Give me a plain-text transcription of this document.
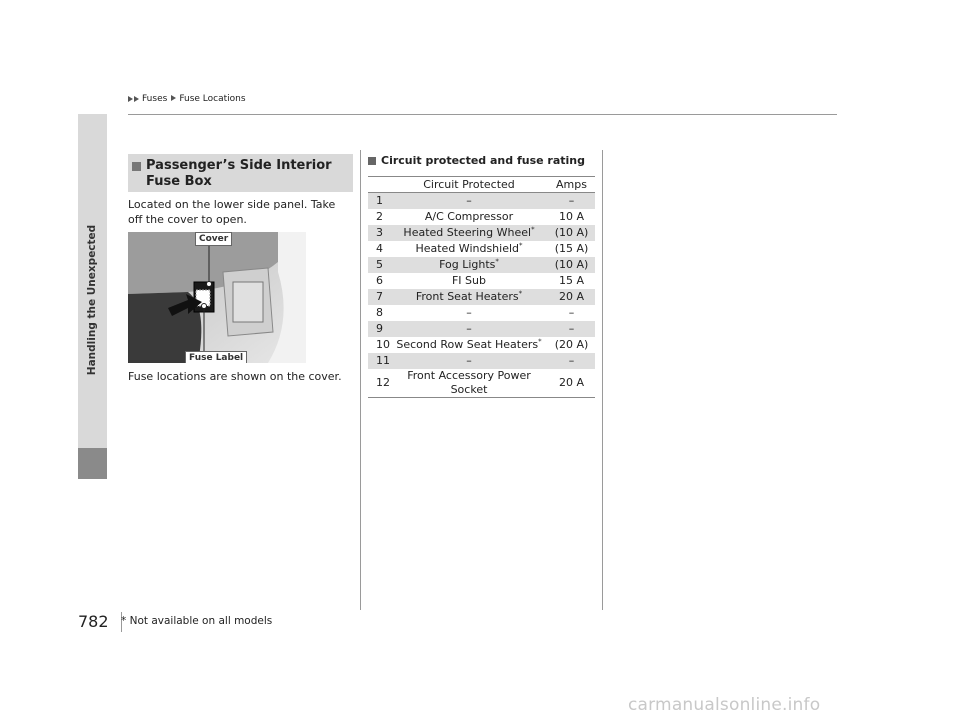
Fuses Fuse Locations
Handling the Unexpected
Passenger’s Side Interior Fuse Box

Located on the lower side panel. Take off the cover to open.

Cover
Fuse Label

Fuse locations are shown on the cover.

Circuit protected and fuse rating
	Circuit Protected	Amps
1	–	–
2	A/C Compressor	10 A
3	Heated Steering Wheel*	(10 A)
4	Heated Windshield*	(15 A)
5	Fog Lights*	(10 A)
6	FI Sub	15 A
7	Front Seat Heaters*	20 A
8	–	–
9	–	–
10	Second Row Seat Heaters*	(20 A)
11	–	–
12	Front Accessory Power Socket	20 A
782 * Not available on all models
carmanualsonline.info
